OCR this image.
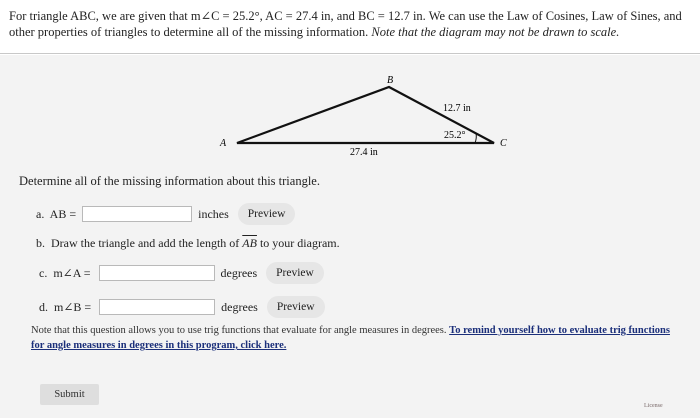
For triangle ABC, we are given that m∠C = 25.2°, AC = 27.4 in, and BC = 12.7 in. We can use the Law of Cosines, Law of Sines, and other properties of triangles to determine all of the missing information. Note that the diagram may not be drawn to scale.
A
B
C
27.4 in
12.7 in
25.2°
Determine all of the missing information about this triangle.
a.  AB =	inches	Preview
b.  Draw the triangle and add the length of $\overline{AB}$ to your diagram.
c.  m∠A =	degrees	Preview
d.  m∠B =	degrees	Preview
Note that this question allows you to use trig functions that evaluate for angle measures in degrees. To remind yourself how to evaluate trig functions for angle measures in degrees in this program, click here.
Submit
License
